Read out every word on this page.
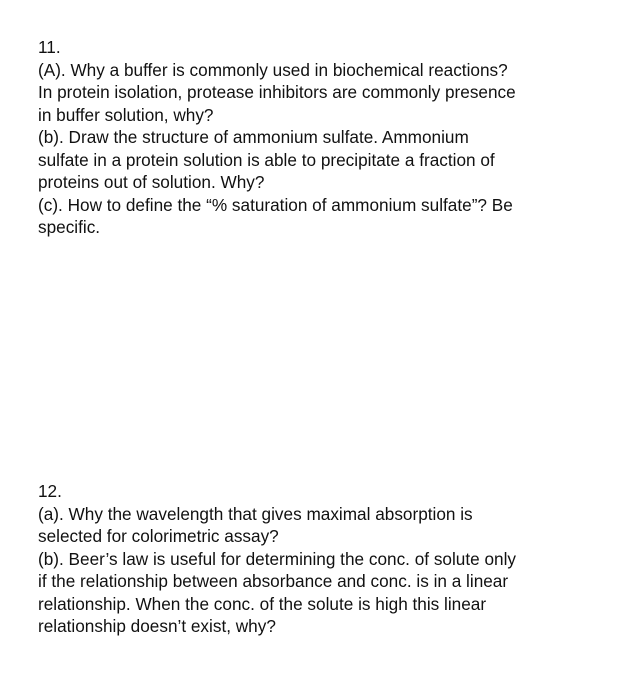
11.
(A). Why a buffer is commonly used in biochemical reactions?
In protein isolation, protease inhibitors are commonly presence
in buffer solution, why?
(b). Draw the structure of ammonium sulfate. Ammonium
sulfate in a protein solution is able to precipitate a fraction of
proteins out of solution. Why?
(c). How to define the “% saturation of ammonium sulfate”? Be
specific.
12.
(a). Why the wavelength that gives maximal absorption is
selected for colorimetric assay?
(b). Beer’s law is useful for determining the conc. of solute only
if the relationship between absorbance and conc. is in a linear
relationship. When the conc. of the solute is high this linear
relationship doesn’t exist, why?
